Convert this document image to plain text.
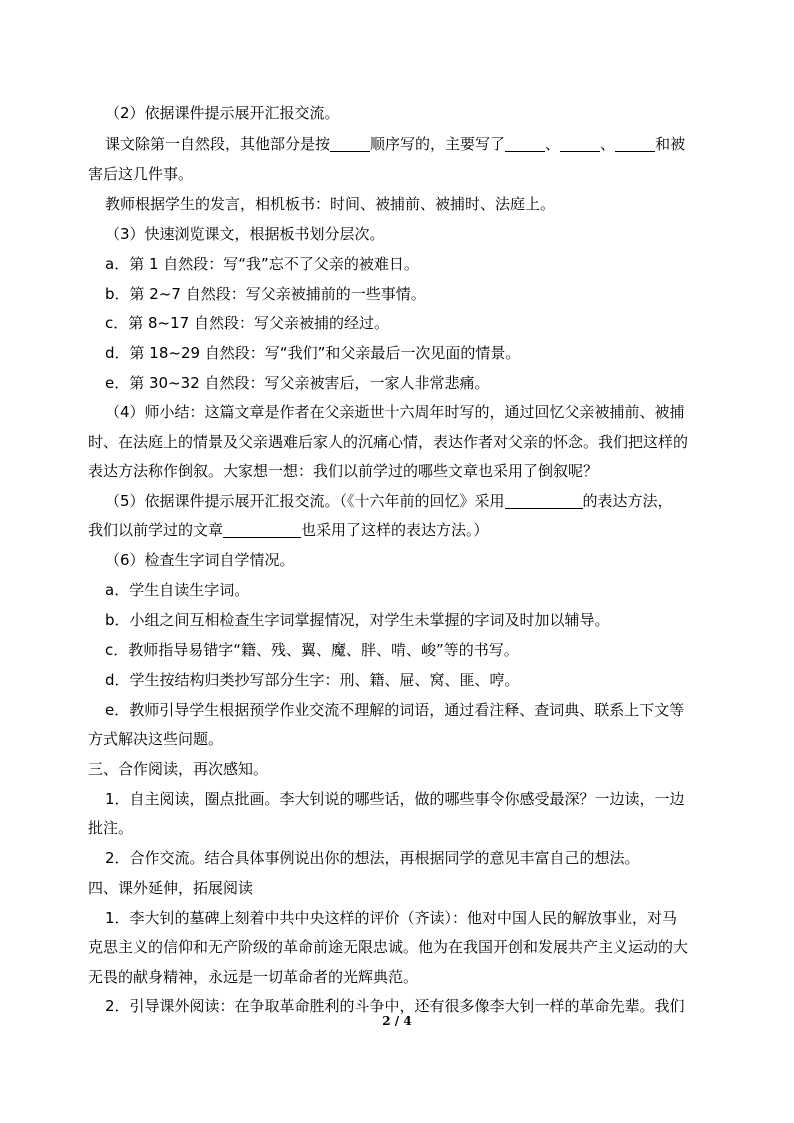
（2）依据课件提示展开汇报交流。
课文除第一自然段，其他部分是按	顺序写的，主要写了	、	、	和被
害后这几件事。
教师根据学生的发言，相机板书：时间、被捕前、被捕时、法庭上。
（3）快速浏览课文，根据板书划分层次。
a．第 1 自然段：写“我”忘不了父亲的被难日。
b．第 2~7 自然段：写父亲被捕前的一些事情。
c．第 8~17 自然段：写父亲被捕的经过。
d．第 18~29 自然段：写“我们”和父亲最后一次见面的情景。
e．第 30~32 自然段：写父亲被害后，一家人非常悲痛。
（4）师小结：这篇文章是作者在父亲逝世十六周年时写的，通过回忆父亲被捕前、被捕
时、在法庭上的情景及父亲遇难后家人的沉痛心情，表达作者对父亲的怀念。我们把这样的
表达方法称作倒叙。大家想一想：我们以前学过的哪些文章也采用了倒叙呢？
（5）依据课件提示展开汇报交流。（《十六年前的回忆》采用	的表达方法，
我们以前学过的文章	也采用了这样的表达方法。）
（6）检查生字词自学情况。
a．学生自读生字词。
b．小组之间互相检查生字词掌握情况，对学生未掌握的字词及时加以辅导。
c．教师指导易错字“籍、残、翼、魔、胖、啃、峻”等的书写。
d．学生按结构归类抄写部分生字：刑、籍、屉、窝、匪、哼。
e．教师引导学生根据预学作业交流不理解的词语，通过看注释、查词典、联系上下文等
方式解决这些问题。
三、合作阅读，再次感知。
1．自主阅读，圈点批画。李大钊说的哪些话，做的哪些事令你感受最深？一边读，一边
批注。
2．合作交流。结合具体事例说出你的想法，再根据同学的意见丰富自己的想法。
四、课外延伸，拓展阅读
1．李大钊的墓碑上刻着中共中央这样的评价（齐读）：他对中国人民的解放事业，对马
克思主义的信仰和无产阶级的革命前途无限忠诚。他为在我国开创和发展共产主义运动的大
无畏的献身精神，永远是一切革命者的光辉典范。
2．引导课外阅读：在争取革命胜利的斗争中，还有很多像李大钊一样的革命先辈。我们
2 / 4
